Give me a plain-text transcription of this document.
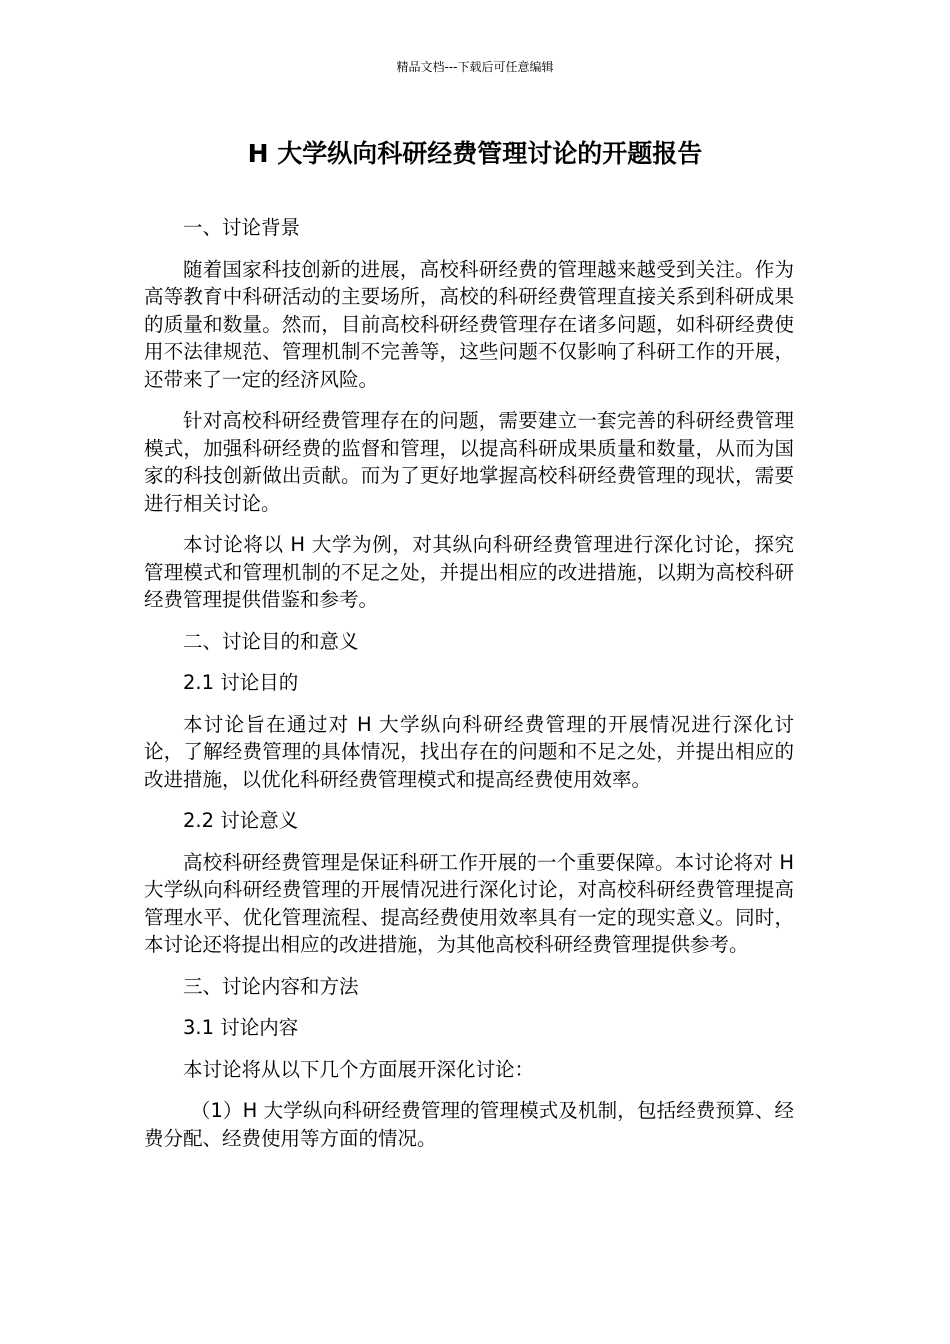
精品文档---下载后可任意编辑
H 大学纵向科研经费管理讨论的开题报告

一、讨论背景

随着国家科技创新的进展，高校科研经费的管理越来越受到关注。作为高等教育中科研活动的主要场所，高校的科研经费管理直接关系到科研成果的质量和数量。然而，目前高校科研经费管理存在诸多问题，如科研经费使用不法律规范、管理机制不完善等，这些问题不仅影响了科研工作的开展，还带来了一定的经济风险。

针对高校科研经费管理存在的问题，需要建立一套完善的科研经费管理模式，加强科研经费的监督和管理，以提高科研成果质量和数量，从而为国家的科技创新做出贡献。而为了更好地掌握高校科研经费管理的现状，需要进行相关讨论。

本讨论将以 H 大学为例，对其纵向科研经费管理进行深化讨论，探究管理模式和管理机制的不足之处，并提出相应的改进措施，以期为高校科研经费管理提供借鉴和参考。

二、讨论目的和意义

2.1 讨论目的

本讨论旨在通过对 H 大学纵向科研经费管理的开展情况进行深化讨论，了解经费管理的具体情况，找出存在的问题和不足之处，并提出相应的改进措施，以优化科研经费管理模式和提高经费使用效率。

2.2 讨论意义

高校科研经费管理是保证科研工作开展的一个重要保障。本讨论将对 H 大学纵向科研经费管理的开展情况进行深化讨论，对高校科研经费管理提高管理水平、优化管理流程、提高经费使用效率具有一定的现实意义。同时，本讨论还将提出相应的改进措施，为其他高校科研经费管理提供参考。

三、讨论内容和方法

3.1 讨论内容

本讨论将从以下几个方面展开深化讨论：

（1）H 大学纵向科研经费管理的管理模式及机制，包括经费预算、经费分配、经费使用等方面的情况。
